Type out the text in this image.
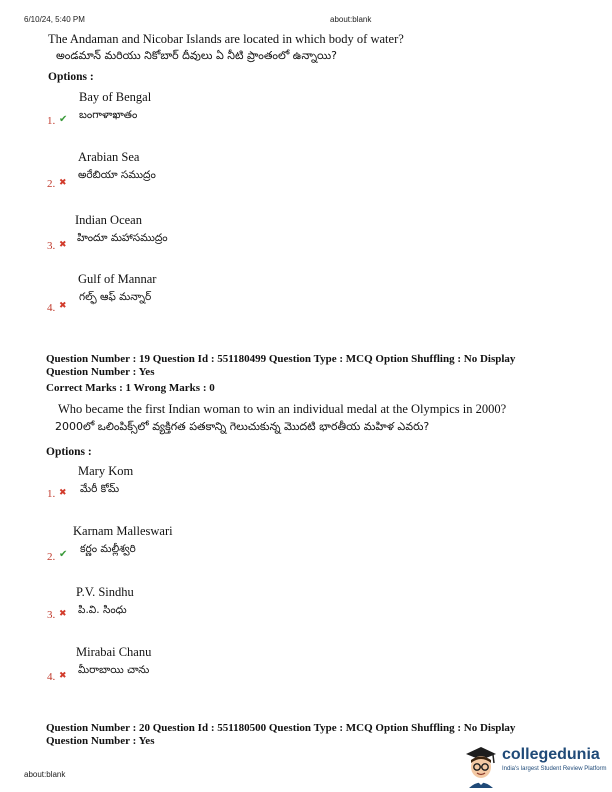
6/10/24, 5:40 PM	about:blank
The Andaman and Nicobar Islands are located in which body of water?
అండమాన్ మరియు నికోబార్ దీవులు ఏ నీటి ప్రాంతంలో ఉన్నాయి?
Options :
Bay of Bengal
బంగాళాఖాతం
1. ✔
Arabian Sea
అరేబియా సముద్రం
2. ✖
Indian Ocean
హిందూ మహాసముద్రం
3. ✖
Gulf of Mannar
గల్ఫ్ ఆఫ్ మన్నార్
4. ✖
Question Number : 19 Question Id : 551180499 Question Type : MCQ Option Shuffling : No Display
Question Number : Yes
Correct Marks : 1 Wrong Marks : 0
Who became the first Indian woman to win an individual medal at the Olympics in 2000?
2000లో ఒలింపిక్స్‌లో వ్యక్తిగత పతకాన్ని గెలుచుకున్న మొదటి భారతీయ మహిళ ఎవరు?
Options :
Mary Kom
మేరీ కోమ్
1. ✖
Karnam Malleswari
కర్ణం మల్లీశ్వరి
2. ✔
P.V. Sindhu
పి.వి. సింధు
3. ✖
Mirabai Chanu
మీరాబాయి చాను
4. ✖
Question Number : 20 Question Id : 551180500 Question Type : MCQ Option Shuffling : No Display
Question Number : Yes
about:blank
collegedunia
India's largest Student Review Platform
